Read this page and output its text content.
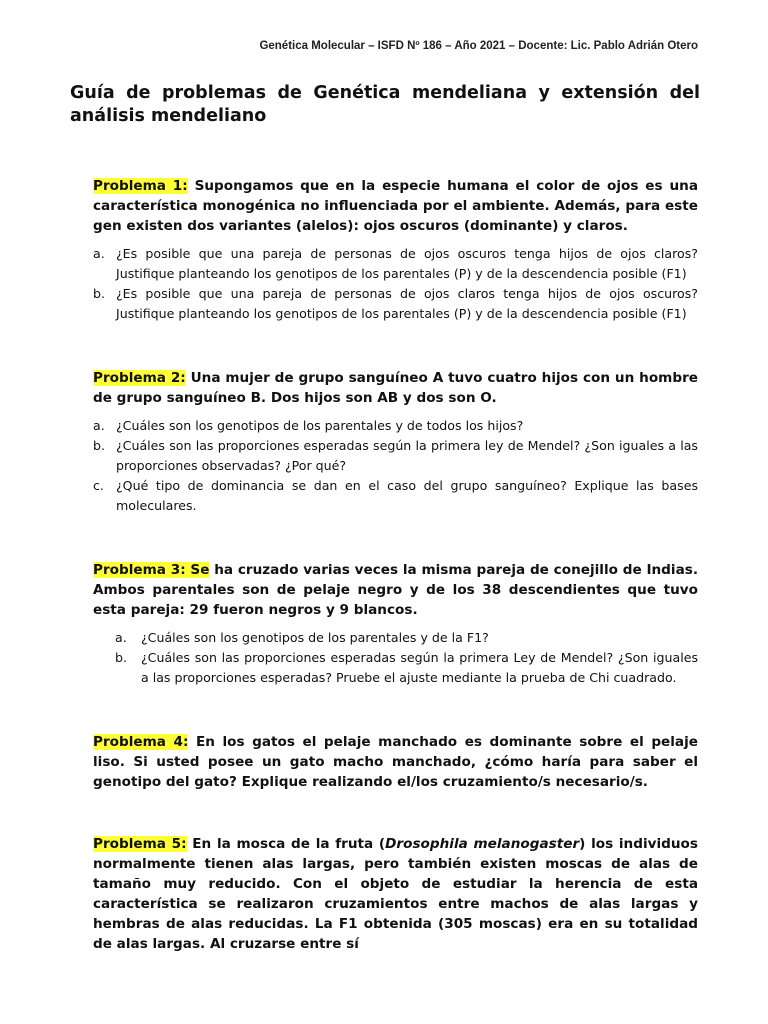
Genética Molecular – ISFD Nº 186 – Año 2021 – Docente: Lic. Pablo Adrián Otero
Guía de problemas de Genética mendeliana y extensión del análisis mendeliano

Problema 1: Supongamos que en la especie humana el color de ojos es una característica monogénica no influenciada por el ambiente. Además, para este gen existen dos variantes (alelos): ojos oscuros (dominante) y claros.

a. ¿Es posible que una pareja de personas de ojos oscuros tenga hijos de ojos claros? Justifique planteando los genotipos de los parentales (P) y de la descendencia posible (F1)
b. ¿Es posible que una pareja de personas de ojos claros tenga hijos de ojos oscuros? Justifique planteando los genotipos de los parentales (P) y de la descendencia posible (F1)

Problema 2: Una mujer de grupo sanguíneo A tuvo cuatro hijos con un hombre de grupo sanguíneo B. Dos hijos son AB y dos son O.

a. ¿Cuáles son los genotipos de los parentales y de todos los hijos?
b. ¿Cuáles son las proporciones esperadas según la primera ley de Mendel? ¿Son iguales a las proporciones observadas? ¿Por qué?
c. ¿Qué tipo de dominancia se dan en el caso del grupo sanguíneo? Explique las bases moleculares.

Problema 3: Se ha cruzado varias veces la misma pareja de conejillo de Indias. Ambos parentales son de pelaje negro y de los 38 descendientes que tuvo esta pareja: 29 fueron negros y 9 blancos.

a. ¿Cuáles son los genotipos de los parentales y de la F1?
b. ¿Cuáles son las proporciones esperadas según la primera Ley de Mendel? ¿Son iguales a las proporciones esperadas? Pruebe el ajuste mediante la prueba de Chi cuadrado.

Problema 4: En los gatos el pelaje manchado es dominante sobre el pelaje liso. Si usted posee un gato macho manchado, ¿cómo haría para saber el genotipo del gato? Explique realizando el/los cruzamiento/s necesario/s.

Problema 5: En la mosca de la fruta (Drosophila melanogaster) los individuos normalmente tienen alas largas, pero también existen moscas de alas de tamaño muy reducido. Con el objeto de estudiar la herencia de esta característica se realizaron cruzamientos entre machos de alas largas y hembras de alas reducidas. La F1 obtenida (305 moscas) era en su totalidad de alas largas. Al cruzarse entre sí
